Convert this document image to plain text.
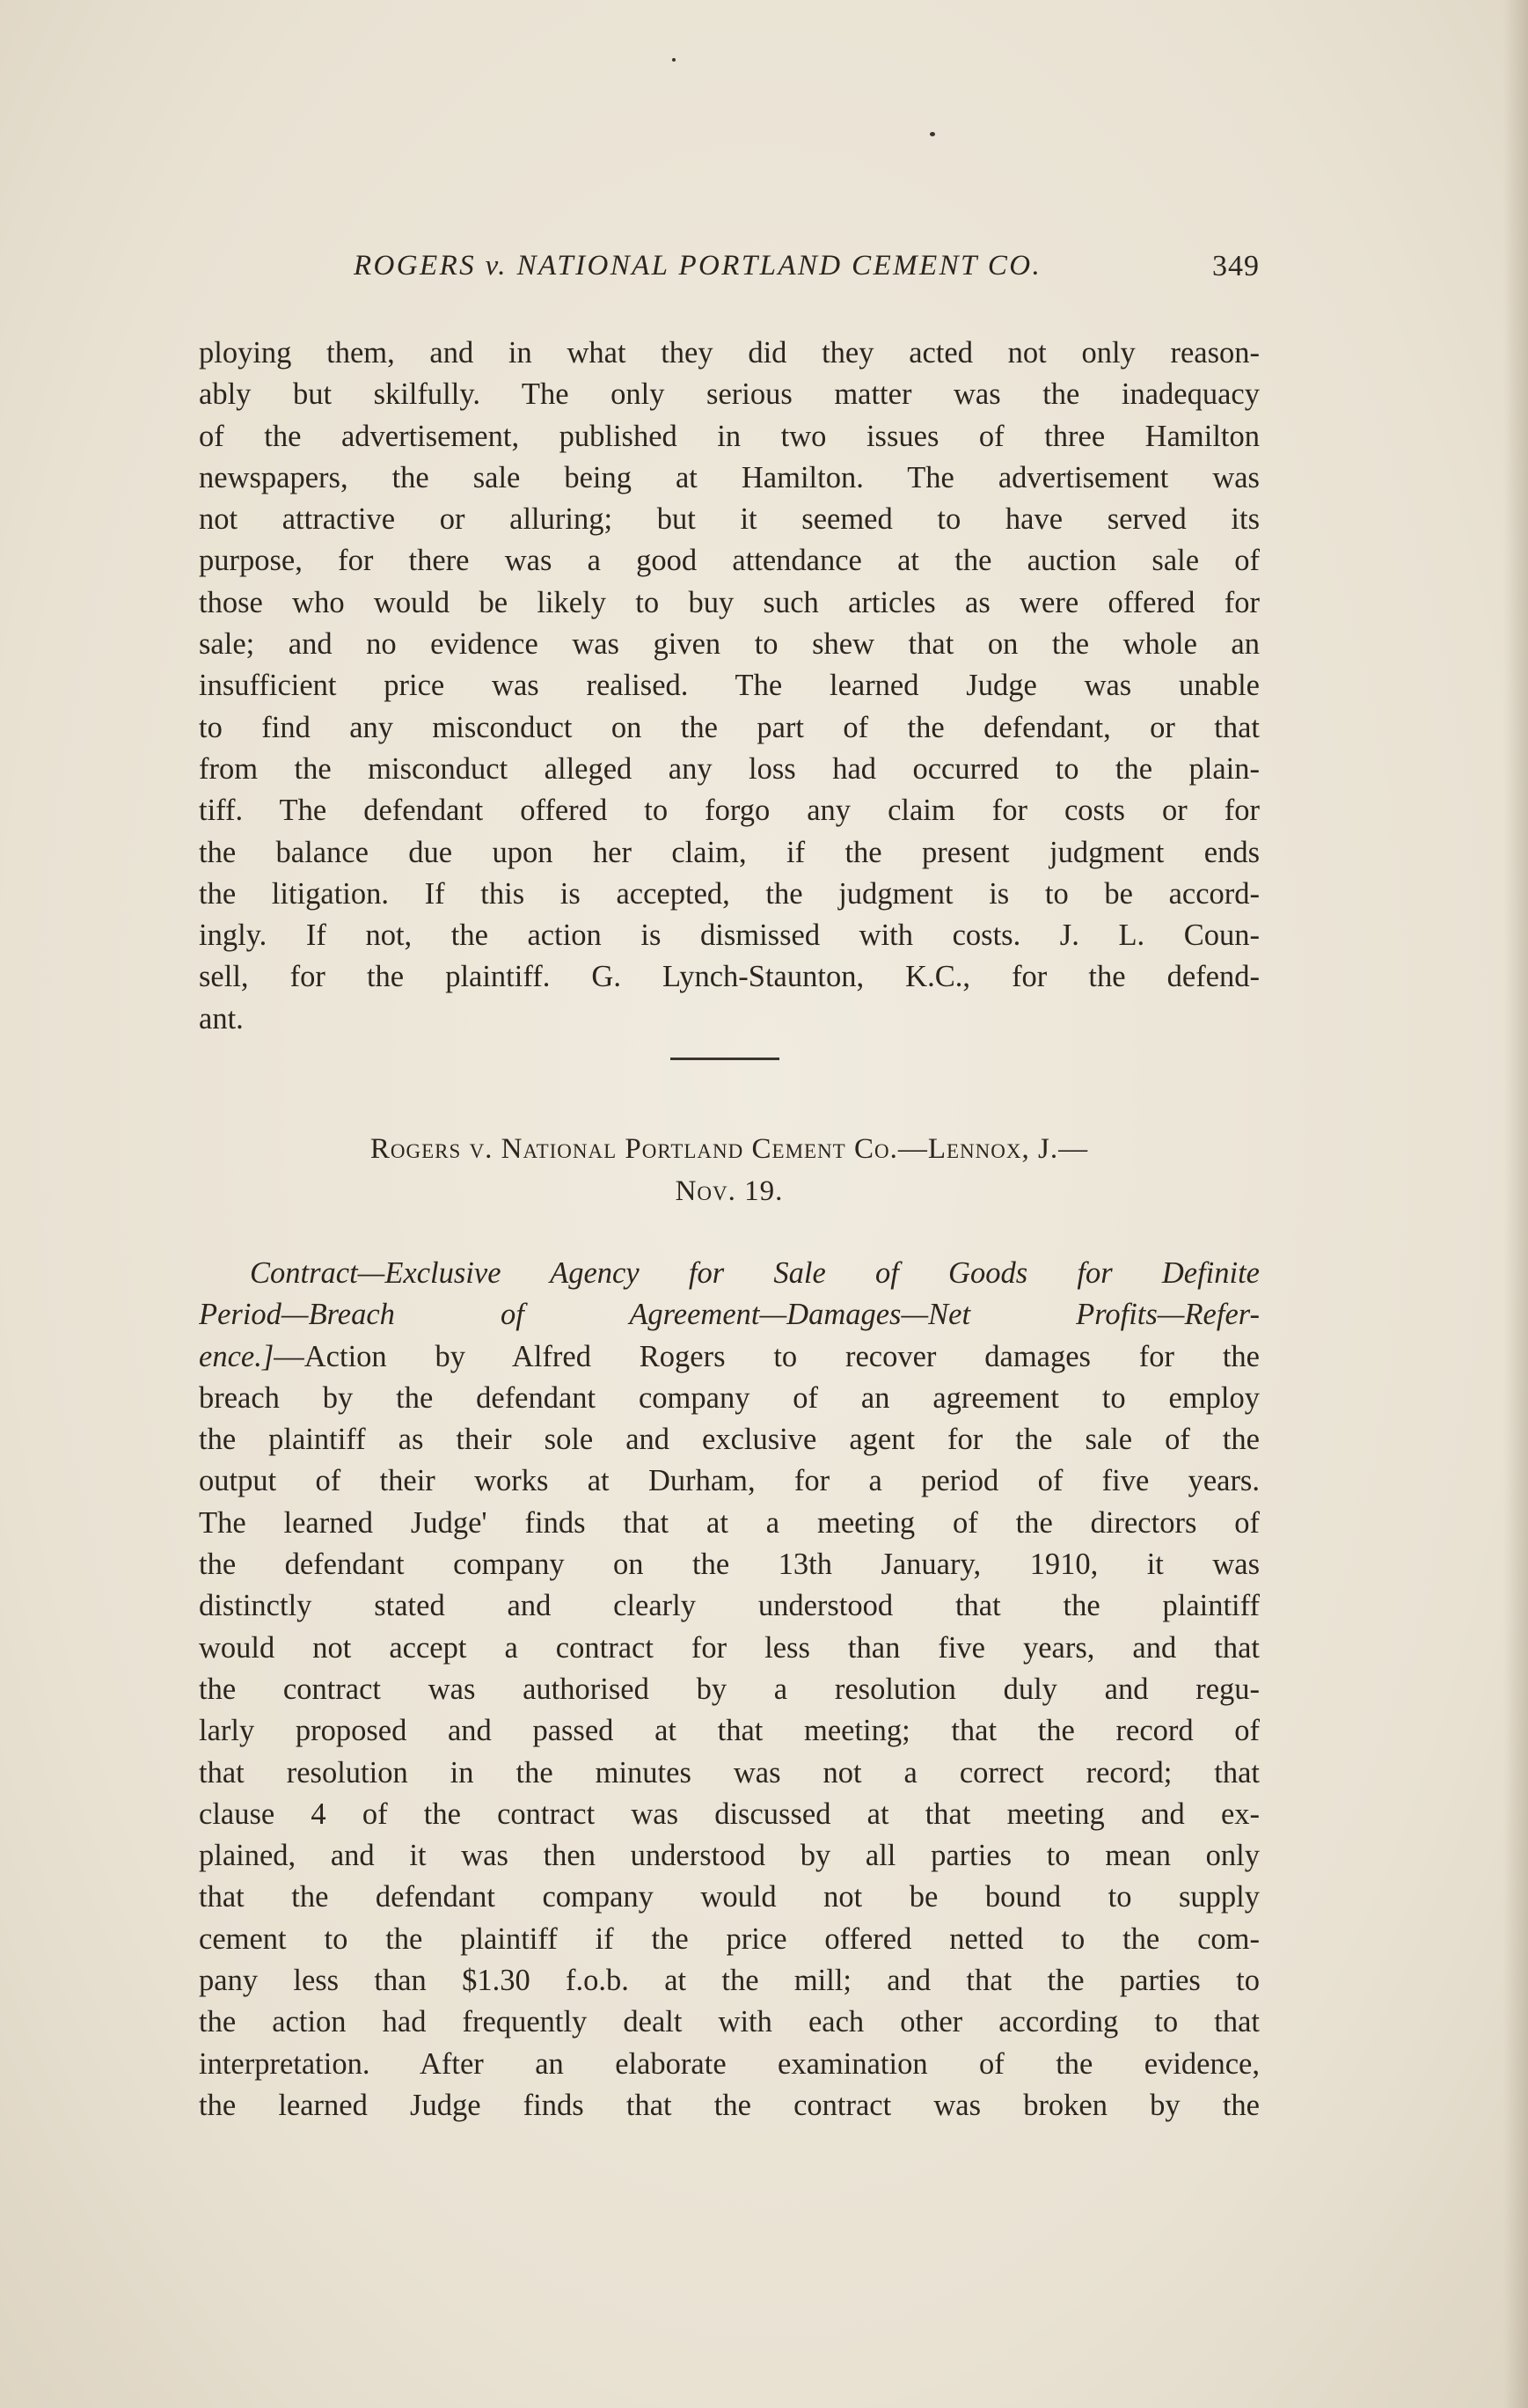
ROGERS v. NATIONAL PORTLAND CEMENT CO.	349
ploying them, and in what they did they acted not only reason-
ably but skilfully. The only serious matter was the inadequacy
of the advertisement, published in two issues of three Hamilton
newspapers, the sale being at Hamilton. The advertisement was
not attractive or alluring; but it seemed to have served its
purpose, for there was a good attendance at the auction sale of
those who would be likely to buy such articles as were offered for
sale; and no evidence was given to shew that on the whole an
insufficient price was realised. The learned Judge was unable
to find any misconduct on the part of the defendant, or that
from the misconduct alleged any loss had occurred to the plain-
tiff. The defendant offered to forgo any claim for costs or for
the balance due upon her claim, if the present judgment ends
the litigation. If this is accepted, the judgment is to be accord-
ingly. If not, the action is dismissed with costs. J. L. Coun-
sell, for the plaintiff. G. Lynch-Staunton, K.C., for the defend-
ant.
Rogers v. National Portland Cement Co.—Lennox, J.—
Nov. 19.
Contract—Exclusive Agency for Sale of Goods for Definite
Period—Breach of Agreement—Damages—Net Profits—Refer-
ence.]—Action by Alfred Rogers to recover damages for the
breach by the defendant company of an agreement to employ
the plaintiff as their sole and exclusive agent for the sale of the
output of their works at Durham, for a period of five years.
The learned Judge' finds that at a meeting of the directors of
the defendant company on the 13th January, 1910, it was
distinctly stated and clearly understood that the plaintiff
would not accept a contract for less than five years, and that
the contract was authorised by a resolution duly and regu-
larly proposed and passed at that meeting; that the record of
that resolution in the minutes was not a correct record; that
clause 4 of the contract was discussed at that meeting and ex-
plained, and it was then understood by all parties to mean only
that the defendant company would not be bound to supply
cement to the plaintiff if the price offered netted to the com-
pany less than $1.30 f.o.b. at the mill; and that the parties to
the action had frequently dealt with each other according to that
interpretation. After an elaborate examination of the evidence,
the learned Judge finds that the contract was broken by the
